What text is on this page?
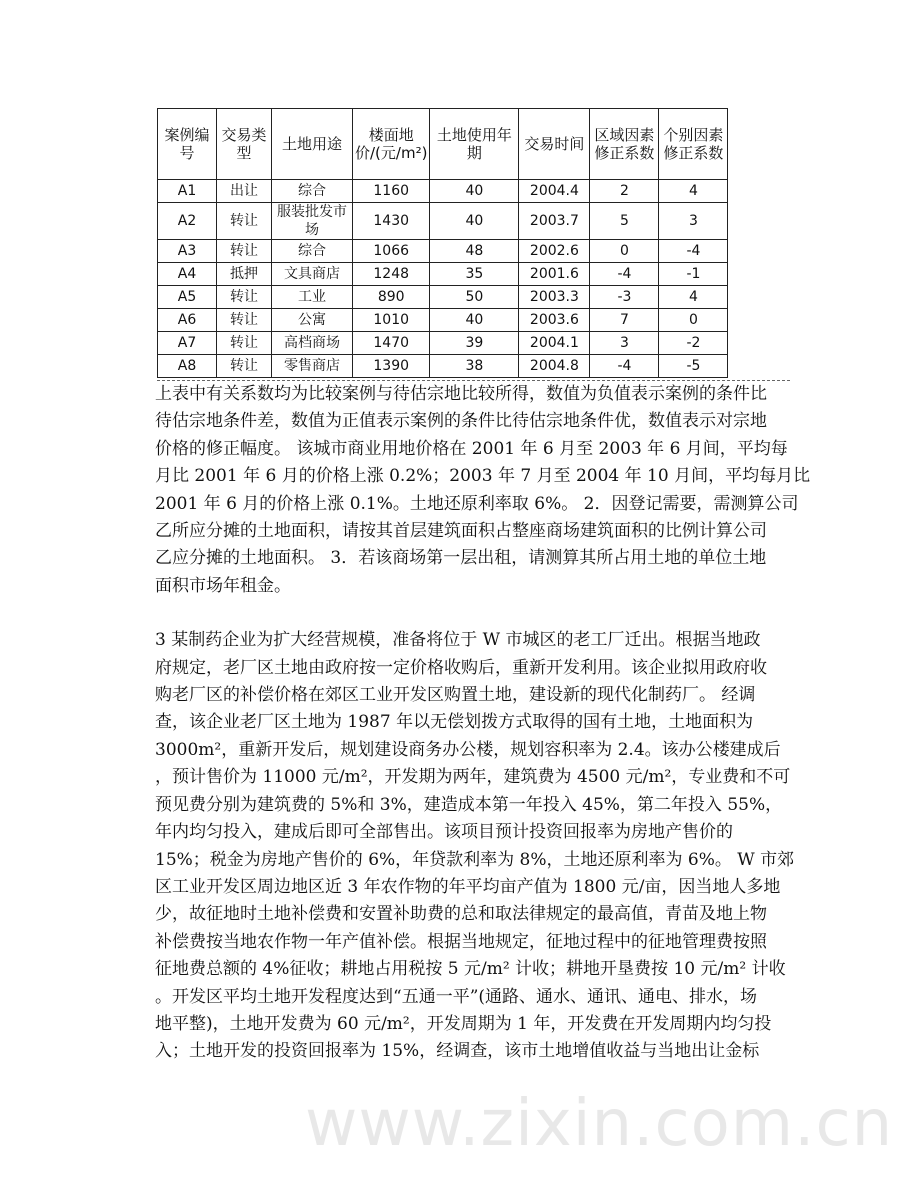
案例编号	交易类型	土地用途	楼面地价/(元/m²)	土地使用年期	交易时间	区域因素修正系数	个别因素修正系数
A1	出让	综合	1160	40	2004.4	2	4
A2	转让	服装批发市场	1430	40	2003.7	5	3
A3	转让	综合	1066	48	2002.6	0	-4
A4	抵押	文具商店	1248	35	2001.6	-4	-1
A5	转让	工业	890	50	2003.3	-3	4
A6	转让	公寓	1010	40	2003.6	7	0
A7	转让	高档商场	1470	39	2004.1	3	-2
A8	转让	零售商店	1390	38	2004.8	-4	-5
上表中有关系数均为比较案例与待估宗地比较所得，数值为负值表示案例的条件比
待估宗地条件差，数值为正值表示案例的条件比待估宗地条件优，数值表示对宗地
价格的修正幅度。 该城市商业用地价格在 2001 年 6 月至 2003 年 6 月间，平均每
月比 2001 年 6 月的价格上涨 0.2%；2003 年 7 月至 2004 年 10 月间，平均每月比
2001 年 6 月的价格上涨 0.1%。土地还原利率取 6%。 2．因登记需要，需测算公司
乙所应分摊的土地面积，请按其首层建筑面积占整座商场建筑面积的比例计算公司
乙应分摊的土地面积。 3．若该商场第一层出租，请测算其所占用土地的单位土地
面积市场年租金。
3 某制药企业为扩大经营规模，准备将位于 W 市城区的老工厂迁出。根据当地政
府规定，老厂区土地由政府按一定价格收购后，重新开发利用。该企业拟用政府收
购老厂区的补偿价格在郊区工业开发区购置土地，建设新的现代化制药厂。 经调
查，该企业老厂区土地为 1987 年以无偿划拨方式取得的国有土地，土地面积为
3000m²，重新开发后，规划建设商务办公楼，规划容积率为 2.4。该办公楼建成后
，预计售价为 11000 元/m²，开发期为两年，建筑费为 4500 元/m²，专业费和不可
预见费分别为建筑费的 5%和 3%，建造成本第一年投入 45%，第二年投入 55%，
年内均匀投入，建成后即可全部售出。该项目预计投资回报率为房地产售价的
15%；税金为房地产售价的 6%，年贷款利率为 8%，土地还原利率为 6%。 W 市郊
区工业开发区周边地区近 3 年农作物的年平均亩产值为 1800 元/亩，因当地人多地
少，故征地时土地补偿费和安置补助费的总和取法律规定的最高值，青苗及地上物
补偿费按当地农作物一年产值补偿。根据当地规定，征地过程中的征地管理费按照
征地费总额的 4%征收；耕地占用税按 5 元/m² 计收；耕地开垦费按 10 元/m² 计收
。开发区平均土地开发程度达到“五通一平”(通路、通水、通讯、通电、排水，场
地平整)，土地开发费为 60 元/m²，开发周期为 1 年，开发费在开发周期内均匀投
入；土地开发的投资回报率为 15%，经调查，该市土地增值收益与当地出让金标
www.zixin.com.cn
